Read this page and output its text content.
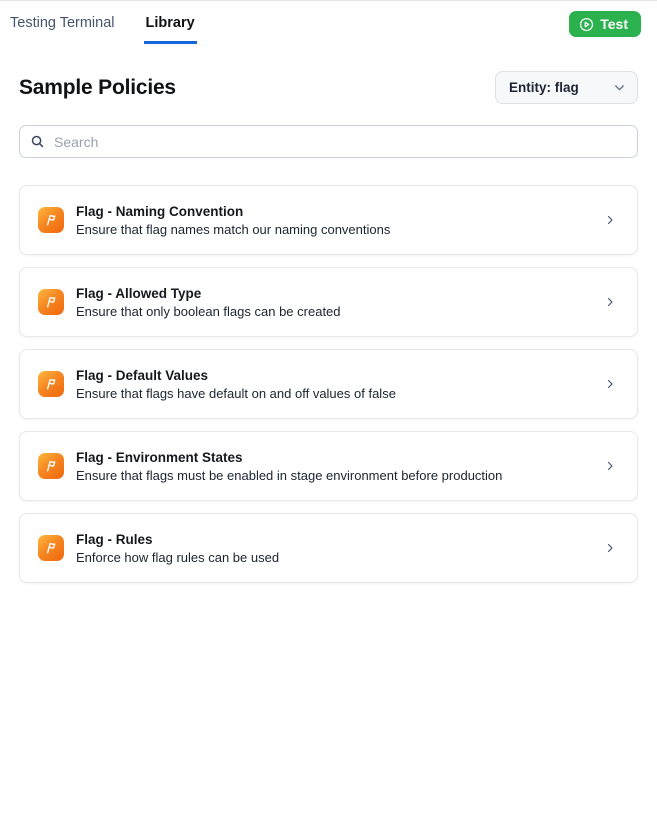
Testing Terminal Library	Test
Sample Policies	Entity: flag
Search
Flag - Naming Convention
Ensure that flag names match our naming conventions
Flag - Allowed Type
Ensure that only boolean flags can be created
Flag - Default Values
Ensure that flags have default on and off values of false
Flag - Environment States
Ensure that flags must be enabled in stage environment before production
Flag - Rules
Enforce how flag rules can be used
